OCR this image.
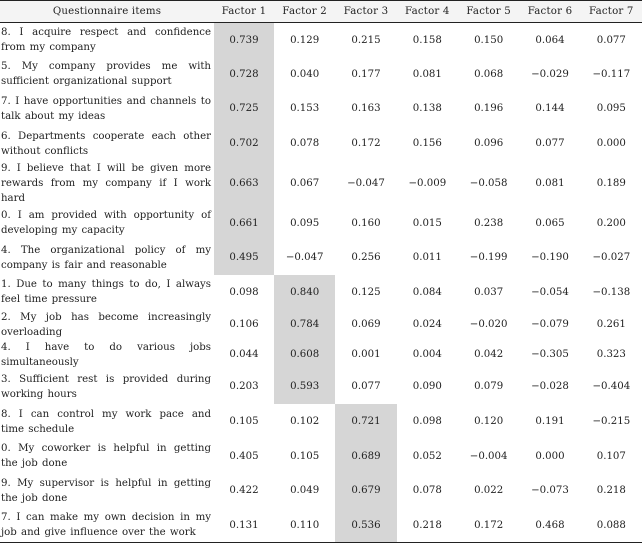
Questionnaire items	Factor 1	Factor 2	Factor 3	Factor 4	Factor 5	Factor 6	Factor 7
8. I acquire respect and confidence from my company	0.739	0.129	0.215	0.158	0.150	0.064	0.077
5. My company provides me with sufficient organizational support	0.728	0.040	0.177	0.081	0.068	−0.029	−0.117
7. I have opportunities and channels to talk about my ideas	0.725	0.153	0.163	0.138	0.196	0.144	0.095
6. Departments cooperate each other without conflicts	0.702	0.078	0.172	0.156	0.096	0.077	0.000
9. I believe that I will be given more rewards from my company if I work hard	0.663	0.067	−0.047	−0.009	−0.058	0.081	0.189
0. I am provided with opportunity of developing my capacity	0.661	0.095	0.160	0.015	0.238	0.065	0.200
4. The organizational policy of my company is fair and reasonable	0.495	−0.047	0.256	0.011	−0.199	−0.190	−0.027
1. Due to many things to do, I always feel time pressure	0.098	0.840	0.125	0.084	0.037	−0.054	−0.138
2. My job has become increasingly overloading	0.106	0.784	0.069	0.024	−0.020	−0.079	0.261
4. I have to do various jobs simultaneously	0.044	0.608	0.001	0.004	0.042	−0.305	0.323
3. Sufficient rest is provided during working hours	0.203	0.593	0.077	0.090	0.079	−0.028	−0.404
8. I can control my work pace and time schedule	0.105	0.102	0.721	0.098	0.120	0.191	−0.215
0. My coworker is helpful in getting the job done	0.405	0.105	0.689	0.052	−0.004	0.000	0.107
9. My supervisor is helpful in getting the job done	0.422	0.049	0.679	0.078	0.022	−0.073	0.218
7. I can make my own decision in my job and give influence over the work	0.131	0.110	0.536	0.218	0.172	0.468	0.088
